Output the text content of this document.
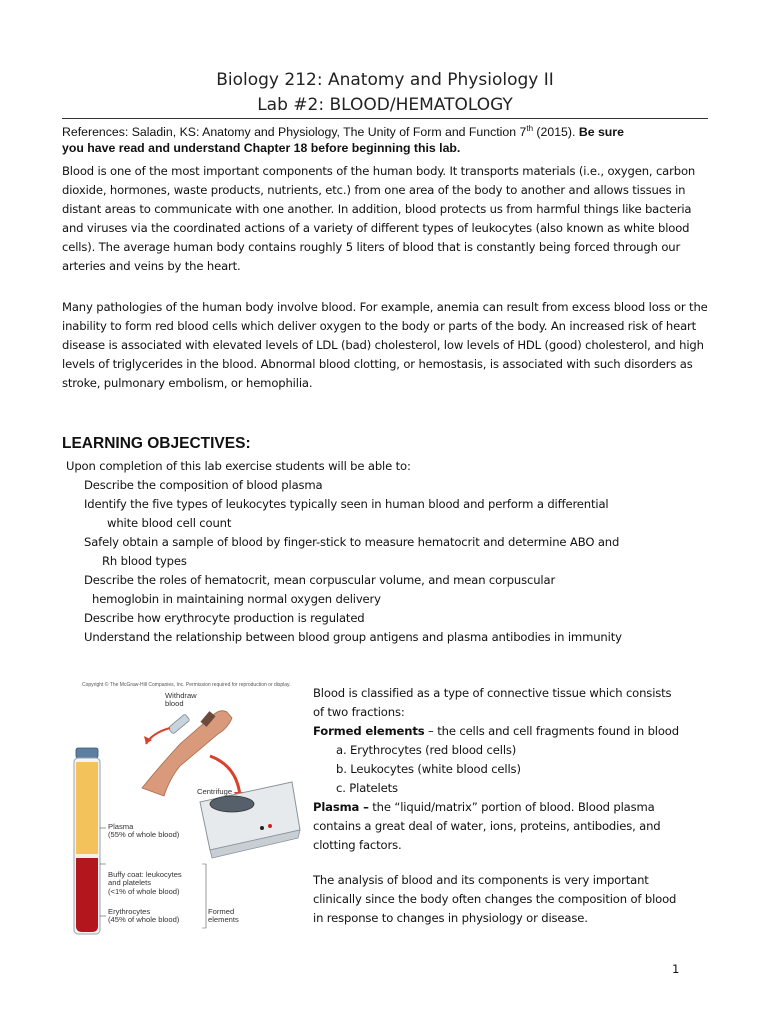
Biology 212: Anatomy and Physiology II
Lab #2: BLOOD/HEMATOLOGY
References: Saladin, KS: Anatomy and Physiology, The Unity of Form and Function 7th (2015). Be sure
you have read and understand Chapter 18 before beginning this lab.
Blood is one of the most important components of the human body. It transports materials (i.e., oxygen, carbon dioxide, hormones, waste products, nutrients, etc.) from one area of the body to another and allows tissues in distant areas to communicate with one another. In addition, blood protects us from harmful things like bacteria and viruses via the coordinated actions of a variety of different types of leukocytes (also known as white blood cells). The average human body contains roughly 5 liters of blood that is constantly being forced through our arteries and veins by the heart.
Many pathologies of the human body involve blood. For example, anemia can result from excess blood loss or the inability to form red blood cells which deliver oxygen to the body or parts of the body. An increased risk of heart disease is associated with elevated levels of LDL (bad) cholesterol, low levels of HDL (good) cholesterol, and high levels of triglycerides in the blood. Abnormal blood clotting, or hemostasis, is associated with such disorders as stroke, pulmonary embolism, or hemophilia.
LEARNING OBJECTIVES:
Upon completion of this lab exercise students will be able to:
Describe the composition of blood plasma
Identify the five types of leukocytes typically seen in human blood and perform a differential
white blood cell count
Safely obtain a sample of blood by finger-stick to measure hematocrit and determine ABO and
Rh blood types
Describe the roles of hematocrit, mean corpuscular volume, and mean corpuscular
hemoglobin in maintaining normal oxygen delivery
Describe how erythrocyte production is regulated
Understand the relationship between blood group antigens and plasma antibodies in immunity
Copyright © The McGraw-Hill Companies, Inc. Permission required for reproduction or display.
Withdraw
blood
Centrifuge
Plasma
(55% of whole blood)
Buffy coat: leukocytes
and platelets
(<1% of whole blood)
Erythrocytes
(45% of whole blood)
Formed
elements
Blood is classified as a type of connective tissue which consists
of two fractions:
Formed elements – the cells and cell fragments found in blood
a. Erythrocytes (red blood cells)
b. Leukocytes (white blood cells)
c. Platelets
Plasma – the “liquid/matrix” portion of blood. Blood plasma
contains a great deal of water, ions, proteins, antibodies, and
clotting factors.
The analysis of blood and its components is very important
clinically since the body often changes the composition of blood
in response to changes in physiology or disease.
1
